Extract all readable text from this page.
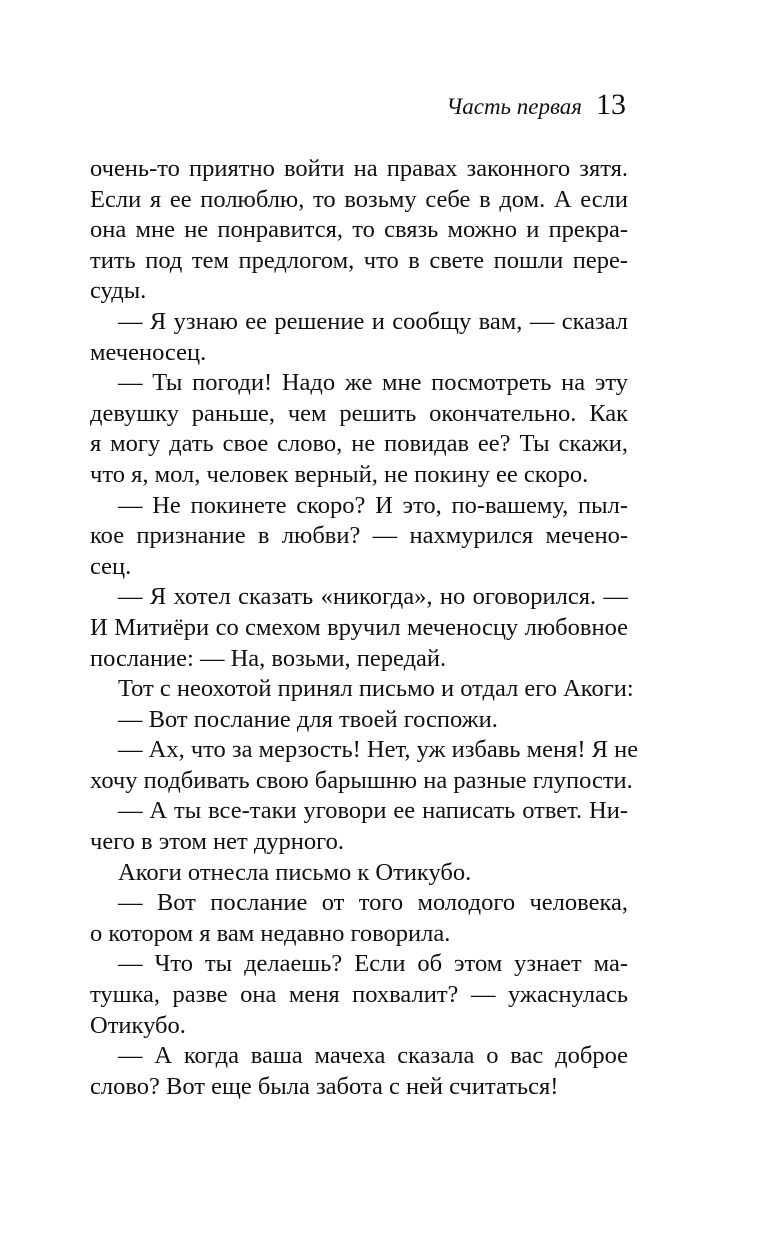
Часть первая 13
очень-то приятно войти на правах законного зятя.
Если я ее полюблю, то возьму себе в дом. А если
она мне не понравится, то связь можно и прекра-
тить под тем предлогом, что в свете пошли пере-
суды.
— Я узнаю ее решение и сообщу вам, — сказал
меченосец.
— Ты погоди! Надо же мне посмотреть на эту
девушку раньше, чем решить окончательно. Как
я могу дать свое слово, не повидав ее? Ты скажи,
что я, мол, человек верный, не покину ее скоро.
— Не покинете скоро? И это, по-вашему, пыл-
кое признание в любви? — нахмурился мечено-
сец.
— Я хотел сказать «никогда», но оговорился. —
И Митиёри со смехом вручил меченосцу любовное
послание: — На, возьми, передай.
Тот с неохотой принял письмо и отдал его Акоги:
— Вот послание для твоей госпожи.
— Ах, что за мерзость! Нет, уж избавь меня! Я не
хочу подбивать свою барышню на разные глупости.
— А ты все-таки уговори ее написать ответ. Ни-
чего в этом нет дурного.
Акоги отнесла письмо к Отикубо.
— Вот послание от того молодого человека,
о котором я вам недавно говорила.
— Что ты делаешь? Если об этом узнает ма-
тушка, разве она меня похвалит? — ужаснулась
Отикубо.
— А когда ваша мачеха сказала о вас доброе
слово? Вот еще была забота с ней считаться!
